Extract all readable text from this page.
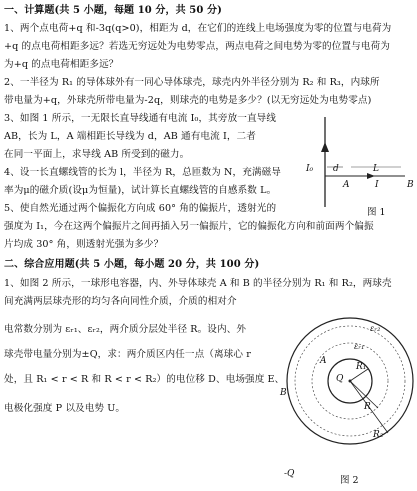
一、计算题(共 5 小题，每题 10 分，共 50 分)
1、两个点电荷+q 和-3q(q>0)，相距为 d，在它们的连线上电场强度为零的位置与电荷为
+q 的点电荷相距多远？若选无穷远处为电势零点，两点电荷之间电势为零的位置与电荷为
为+q 的点电荷相距多远？
2、一半径为 R₁ 的导体球外有一同心导体球壳，球壳内外半径分别为 R₂ 和 R₃，内球所
带电量为+q，外球壳所带电量为-2q，则球壳的电势是多少？(以无穷远处为电势零点)
3、如图 1 所示，一无限长直导线通有电流 I₀，其旁放一直导线
AB，长为 L，A 端相距长导线为 d，AB 通有电流 I，二者
在同一平面上，求导线 AB 所受到的磁力。
4、设一长直螺线管的长为 l，半径为 R，总匝数为 N，充满磁导
率为μ的磁介质(设μ为恒量)，试计算长直螺线管的自感系数 L。
5、使自然光通过两个偏振化方向成 60° 角的偏振片，透射光的
强度为 I₁，今在这两个偏振片之间再插入另一偏振片，它的偏振化方向和前面两个偏振
片均成 30° 角，则透射光强为多少？
I₀ d	L
A	B
I
图 1
二、综合应用题(共 5 小题，每小题 20 分，共 100 分)
1、如图 2 所示，一球形电容器，内、外导体球壳 A 和 B 的半径分别为 R₁ 和 R₂，两球壳
间充满两层球壳形的均匀各向同性介质，介质的相对介
电常数分别为 εᵣ₁、εᵣ₂，两介质分层处半径 R。设内、外
球壳带电量分别为±Q，求：两介质区内任一点（离球心 r
处，且 R₁ < r < R 和 R < r < R₂）的电位移 D、电场强度 E、
电极化强度 P 以及电势 U。
B
-Q
A
Q
R₁
R
R₂
εᵣ₁
εᵣ₂
图 2
